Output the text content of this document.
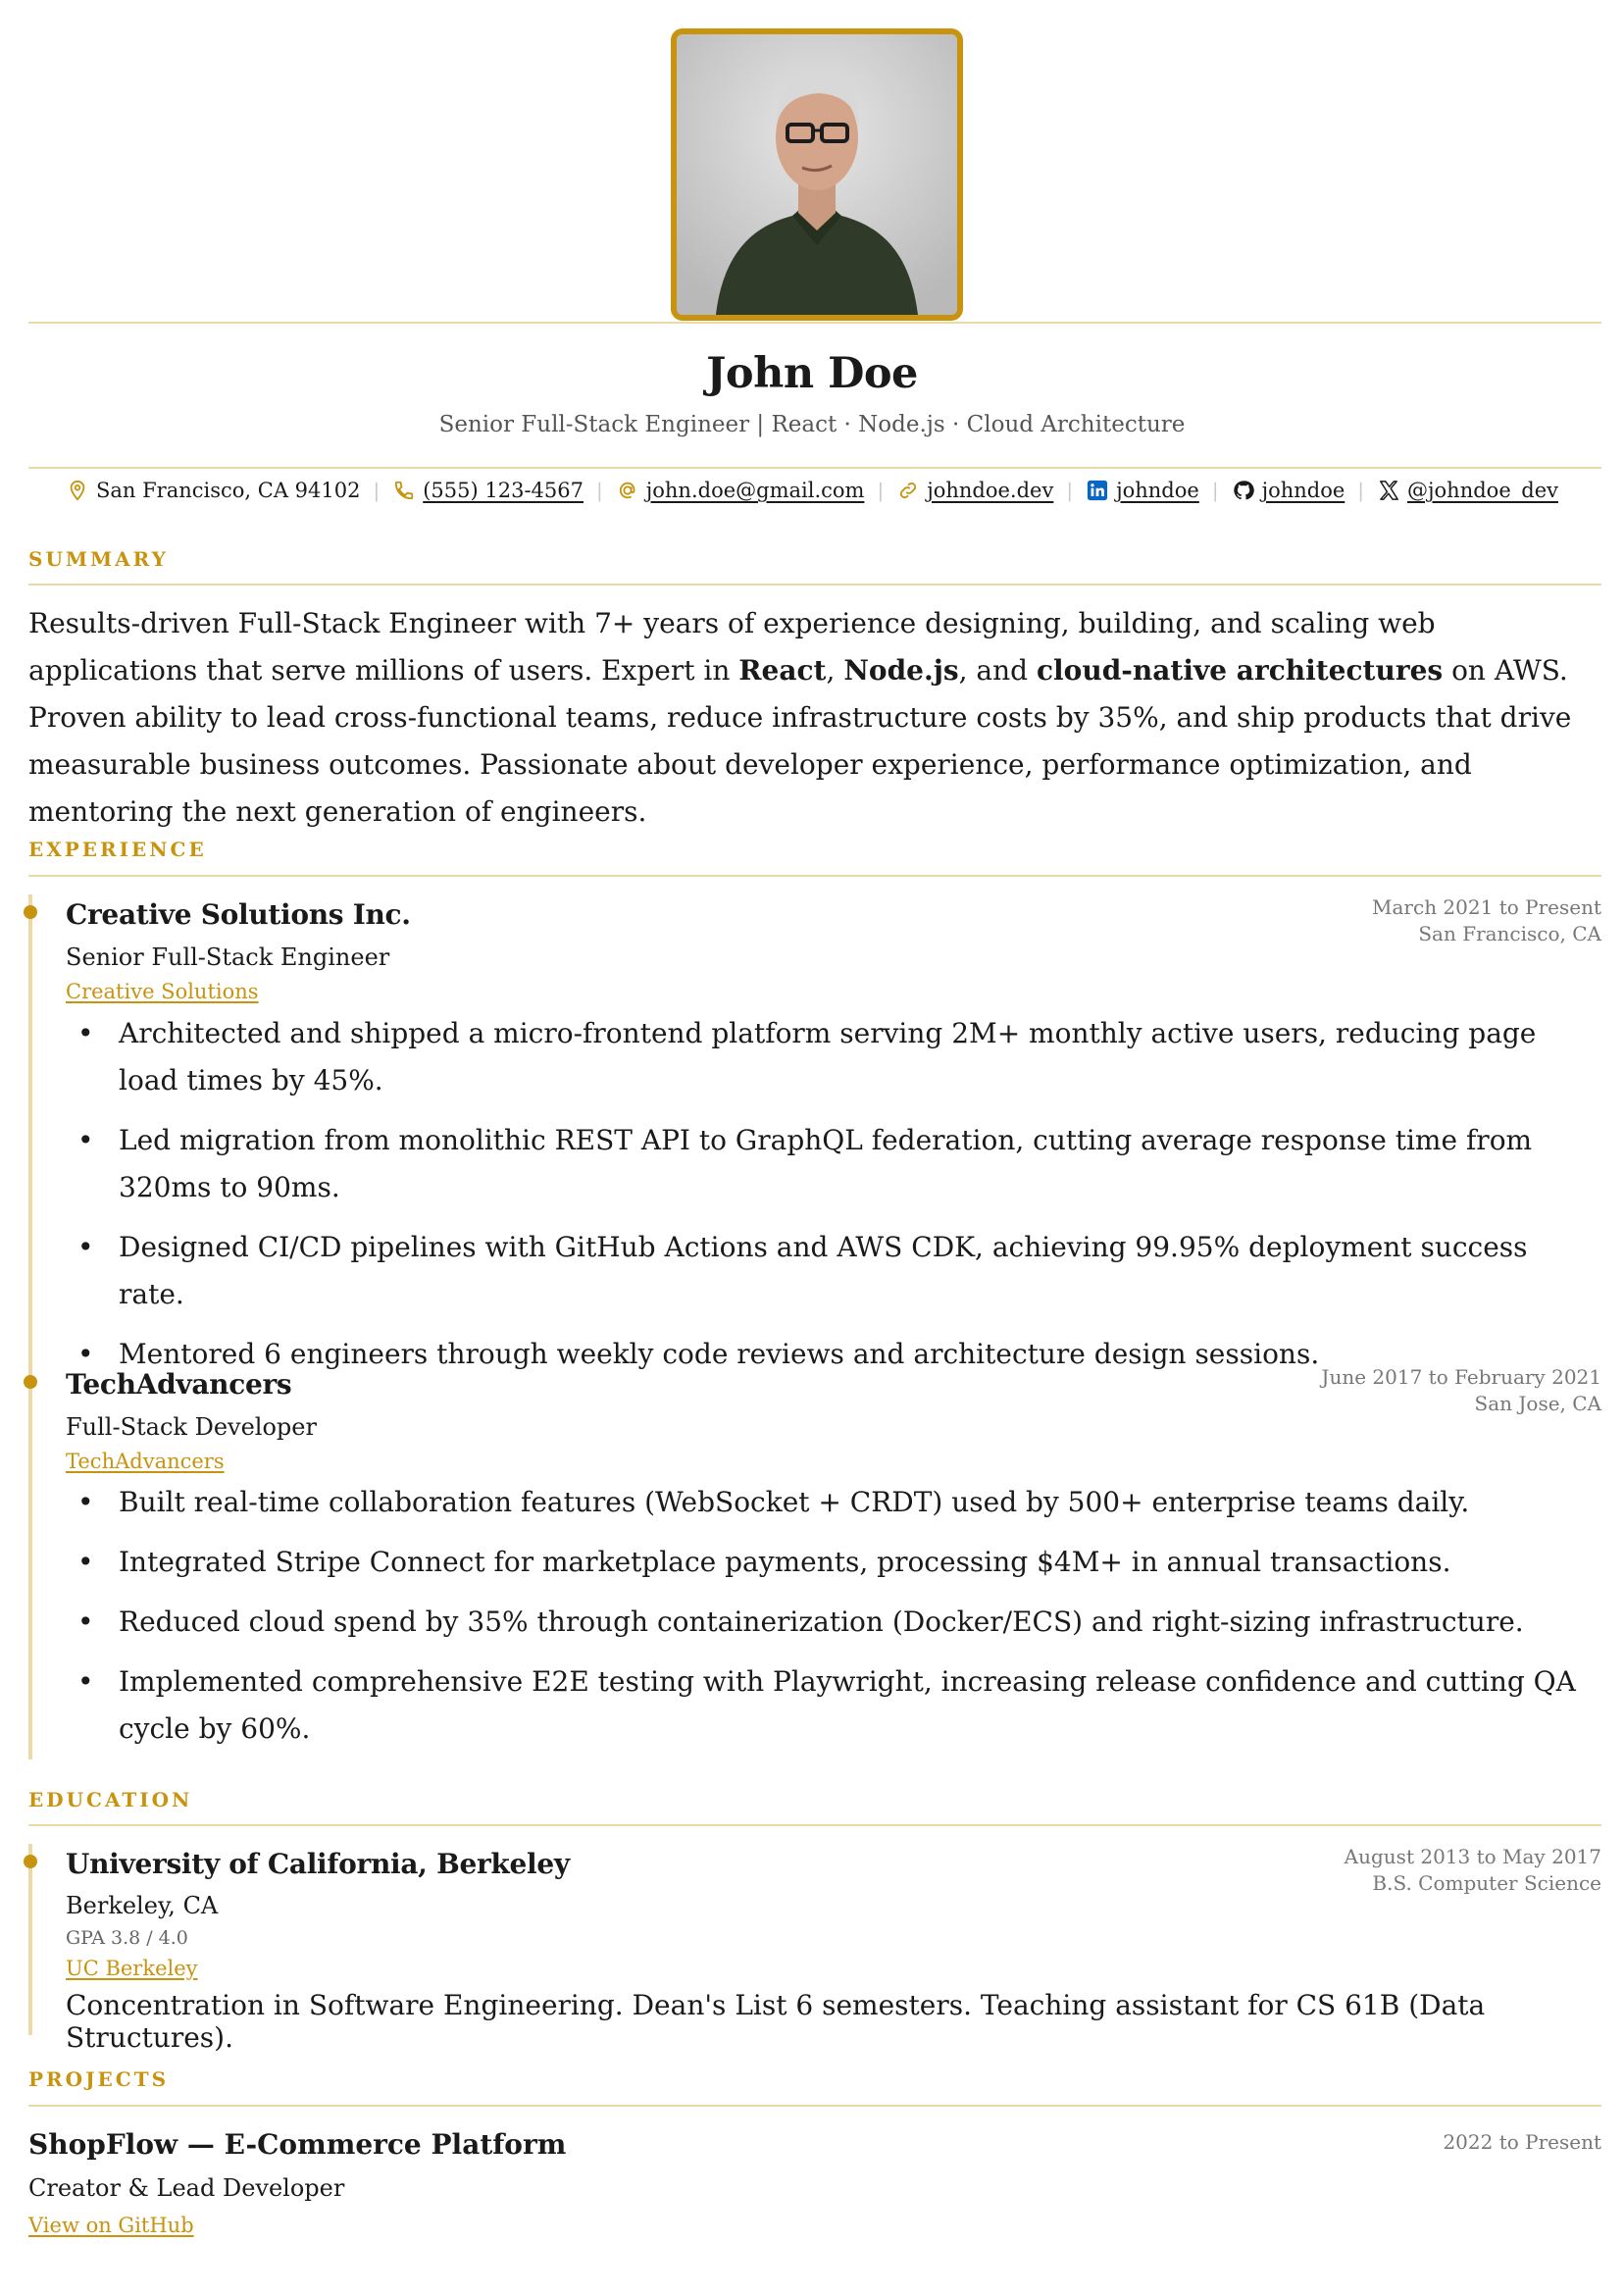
John Doe
Senior Full-Stack Engineer | React · Node.js · Cloud Architecture
San Francisco, CA 94102 | (555) 123-4567 | john.doe@gmail.com | johndoe.dev | johndoe | johndoe | @johndoe_dev
SUMMARY
Results-driven Full-Stack Engineer with 7+ years of experience designing, building, and scaling web applications that serve millions of users. Expert in React, Node.js, and cloud-native architectures on AWS. Proven ability to lead cross-functional teams, reduce infrastructure costs by 35%, and ship products that drive measurable business outcomes. Passionate about developer experience, performance optimization, and mentoring the next generation of engineers.
EXPERIENCE
Creative Solutions Inc.
Senior Full-Stack Engineer
Creative Solutions
March 2021 to Present
San Francisco, CA
• Architected and shipped a micro-frontend platform serving 2M+ monthly active users, reducing page load times by 45%.
• Led migration from monolithic REST API to GraphQL federation, cutting average response time from 320ms to 90ms.
• Designed CI/CD pipelines with GitHub Actions and AWS CDK, achieving 99.95% deployment success rate.
• Mentored 6 engineers through weekly code reviews and architecture design sessions.
TechAdvancers
Full-Stack Developer
TechAdvancers
June 2017 to February 2021
San Jose, CA
• Built real-time collaboration features (WebSocket + CRDT) used by 500+ enterprise teams daily.
• Integrated Stripe Connect for marketplace payments, processing $4M+ in annual transactions.
• Reduced cloud spend by 35% through containerization (Docker/ECS) and right-sizing infrastructure.
• Implemented comprehensive E2E testing with Playwright, increasing release confidence and cutting QA cycle by 60%.
EDUCATION
University of California, Berkeley
Berkeley, CA
GPA 3.8 / 4.0
UC Berkeley
August 2013 to May 2017
B.S. Computer Science
Concentration in Software Engineering. Dean's List 6 semesters. Teaching assistant for CS 61B (Data Structures).
PROJECTS
ShopFlow — E-Commerce Platform
Creator & Lead Developer
View on GitHub
2022 to Present
